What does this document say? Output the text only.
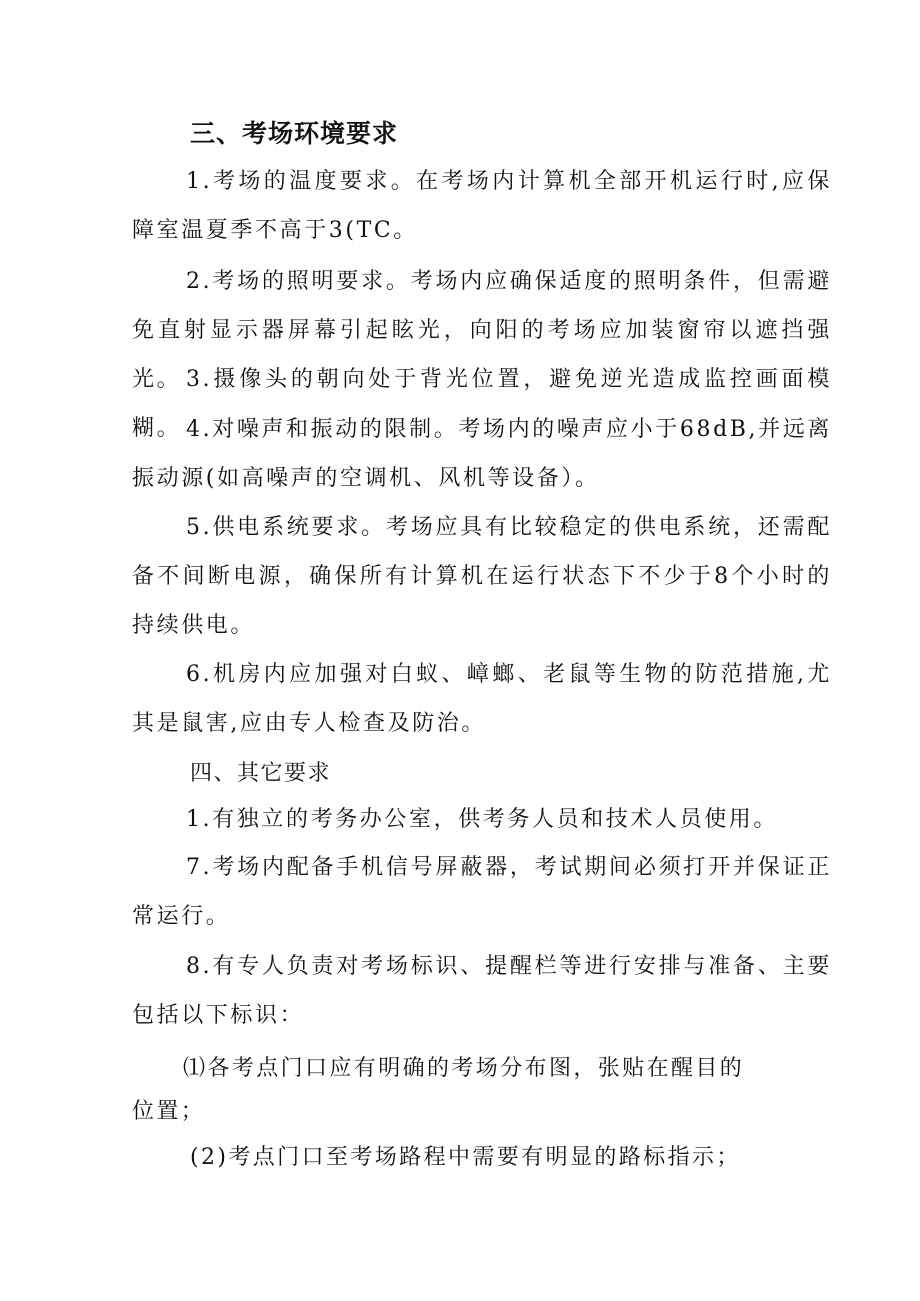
三、考场环境要求

1.考场的温度要求。在考场内计算机全部开机运行时,应保障室温夏季不高于3(TC。

2.考场的照明要求。考场内应确保适度的照明条件，但需避免直射显示器屏幕引起眩光，向阳的考场应加装窗帘以遮挡强光。 3.摄像头的朝向处于背光位置，避免逆光造成监控画面模糊。 4.对噪声和振动的限制。考场内的噪声应小于68dB,并远离振动源(如高噪声的空调机、风机等设备）。

5.供电系统要求。考场应具有比较稳定的供电系统，还需配备不间断电源，确保所有计算机在运行状态下不少于8个小时的持续供电。

6.机房内应加强对白蚁、嶂螂、老鼠等生物的防范措施,尤其是鼠害,应由专人检查及防治。

四、其它要求

1.有独立的考务办公室，供考务人员和技术人员使用。

7.考场内配备手机信号屏蔽器，考试期间必须打开并保证正常运行。

8.有专人负责对考场标识、提醒栏等进行安排与准备、主要包括以下标识：

⑴各考点门口应有明确的考场分布图，张贴在醒目的
位置；
(2)考点门口至考场路程中需要有明显的路标指示；
